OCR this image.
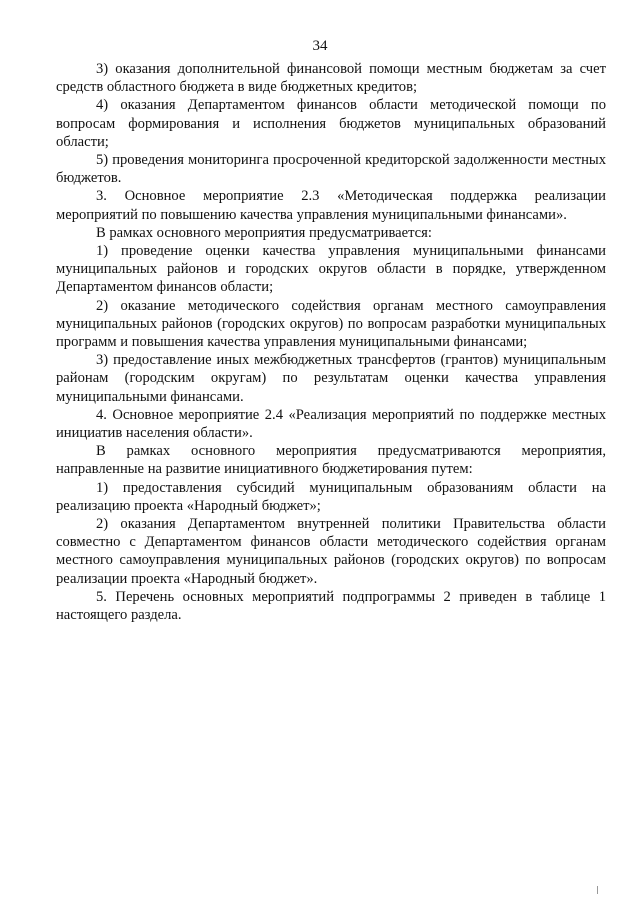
34

3) оказания дополнительной финансовой помощи местным бюджетам за счет средств областного бюджета в виде бюджетных кредитов;

4) оказания Департаментом финансов области методической помощи по вопросам формирования и исполнения бюджетов муниципальных образований области;

5) проведения мониторинга просроченной кредиторской задолженности местных бюджетов.

3. Основное мероприятие 2.3 «Методическая поддержка реализации мероприятий по повышению качества управления муниципальными финансами».

В рамках основного мероприятия предусматривается:

1) проведение оценки качества управления муниципальными финансами муниципальных районов и городских округов области в порядке, утвержденном Департаментом финансов области;

2) оказание методического содействия органам местного самоуправления муниципальных районов (городских округов) по вопросам разработки муниципальных программ и повышения качества управления муниципальными финансами;

3) предоставление иных межбюджетных трансфертов (грантов) муниципальным районам (городским округам) по результатам оценки качества управления муниципальными финансами.

4. Основное мероприятие 2.4 «Реализация мероприятий по поддержке местных инициатив населения области».

В рамках основного мероприятия предусматриваются мероприятия, направленные на развитие инициативного бюджетирования путем:

1) предоставления субсидий муниципальным образованиям области на реализацию проекта «Народный бюджет»;

2) оказания Департаментом внутренней политики Правительства области совместно с Департаментом финансов области методического содействия органам местного самоуправления муниципальных районов (городских округов) по вопросам реализации проекта «Народный бюджет».

5. Перечень основных мероприятий подпрограммы 2 приведен в таблице 1 настоящего раздела.
